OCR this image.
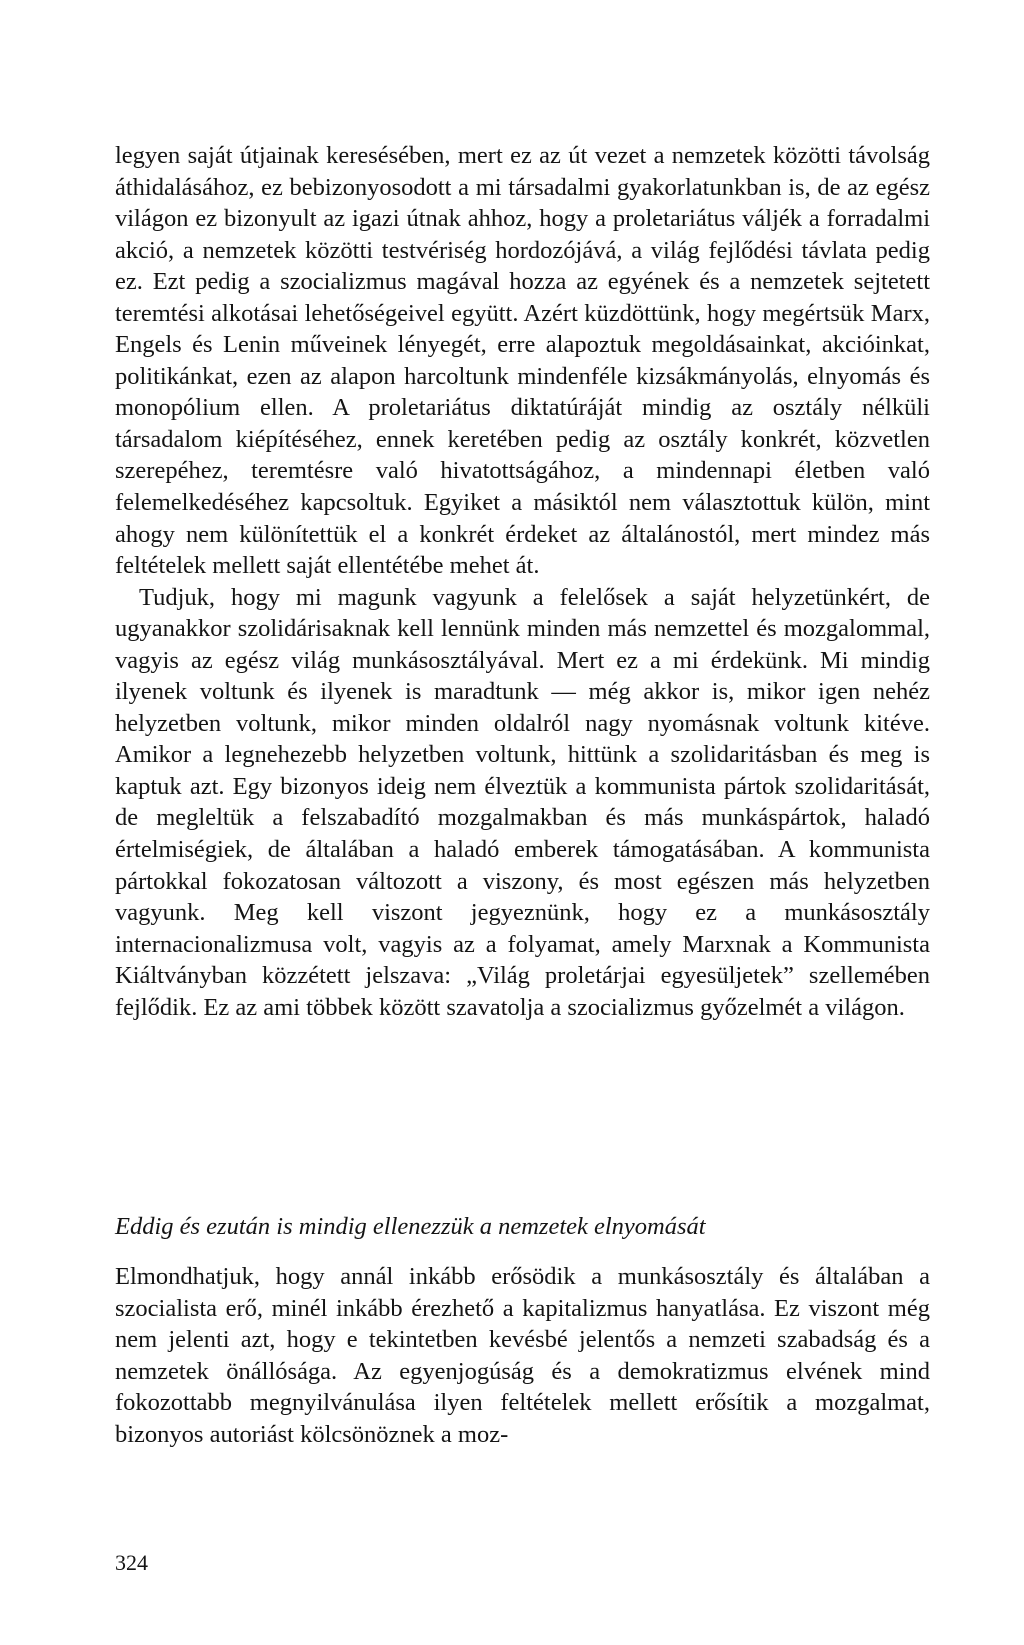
legyen saját útjainak keresésében, mert ez az út vezet a nemzetek közötti távolság áthidalásához, ez bebizonyosodott a mi társadalmi gyakorlatunkban is, de az egész világon ez bizonyult az igazi útnak ahhoz, hogy a proletariátus váljék a forradalmi akció, a nemzetek közötti testvériség hordozójává, a világ fejlődési távlata pedig ez. Ezt pedig a szocializmus magával hozza az egyének és a nemzetek sejtetett teremtési alkotásai lehetőségeivel együtt. Azért küzdöttünk, hogy megértsük Marx, Engels és Lenin műveinek lényegét, erre alapoztuk megoldásainkat, akcióinkat, politikánkat, ezen az alapon harcoltunk mindenféle kizsákmányolás, elnyomás és monopólium ellen. A proletariátus diktatúráját mindig az osztály nélküli társadalom kiépítéséhez, ennek keretében pedig az osztály konkrét, közvetlen szerepéhez, teremtésre való hivatottságához, a mindennapi életben való felemelkedéséhez kapcsoltuk. Egyiket a másiktól nem választottuk külön, mint ahogy nem különítettük el a konkrét érdeket az általánostól, mert mindez más feltételek mellett saját ellentétébe mehet át.

Tudjuk, hogy mi magunk vagyunk a felelősek a saját helyzetünkért, de ugyanakkor szolidárisaknak kell lennünk minden más nemzettel és mozgalommal, vagyis az egész világ munkásosztályával. Mert ez a mi érdekünk. Mi mindig ilyenek voltunk és ilyenek is maradtunk — még akkor is, mikor igen nehéz helyzetben voltunk, mikor minden oldalról nagy nyomásnak voltunk kitéve. Amikor a legnehezebb helyzetben voltunk, hittünk a szolidaritásban és meg is kaptuk azt. Egy bizonyos ideig nem élveztük a kommunista pártok szolidaritását, de megleltük a felszabadító mozgalmakban és más munkáspártok, haladó értelmiségiek, de általában a haladó emberek támogatásában. A kommunista pártokkal fokozatosan változott a viszony, és most egészen más helyzetben vagyunk. Meg kell viszont jegyeznünk, hogy ez a munkásosztály internacionalizmusa volt, vagyis az a folyamat, amely Marxnak a Kommunista Kiáltványban közzétett jelszava: „Világ proletárjai egyesüljetek” szellemében fejlődik. Ez az ami többek között szavatolja a szocializmus győzelmét a világon.

Eddig és ezután is mindig ellenezzük a nemzetek elnyomását

Elmondhatjuk, hogy annál inkább erősödik a munkásosztály és általában a szocialista erő, minél inkább érezhető a kapitalizmus hanyatlása. Ez viszont még nem jelenti azt, hogy e tekintetben kevésbé jelentős a nemzeti szabadság és a nemzetek önállósága. Az egyenjogúság és a demokratizmus elvének mind fokozottabb megnyilvánulása ilyen feltételek mellett erősítik a mozgalmat, bizonyos autoriást kölcsönöznek a moz-

324
